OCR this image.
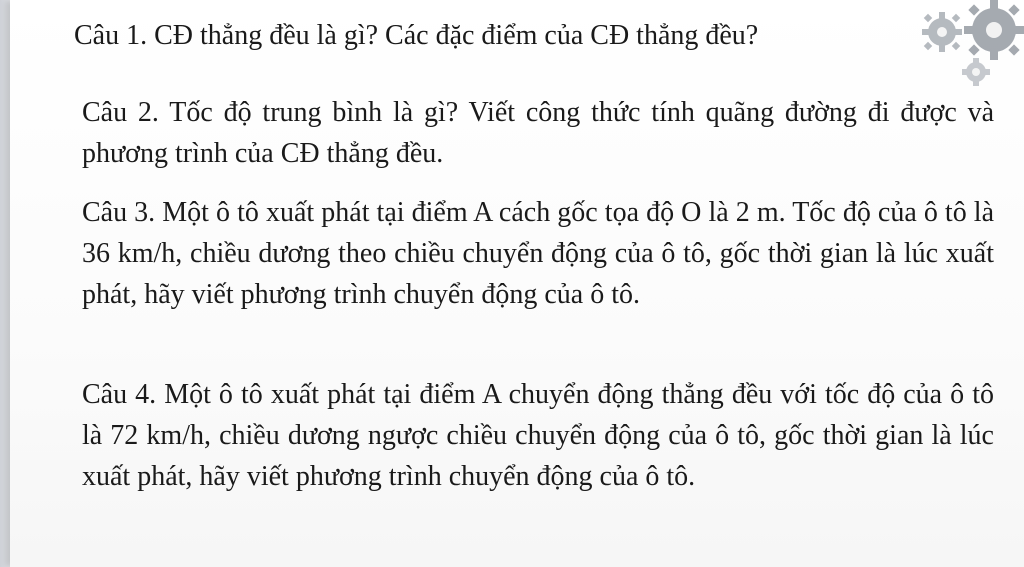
Câu 1. CĐ thẳng đều là gì? Các đặc điểm của CĐ thẳng đều?

Câu 2. Tốc độ trung bình là gì? Viết công thức tính quãng đường đi được và phương trình của CĐ thẳng đều.

Câu 3. Một ô tô xuất phát tại điểm A cách gốc tọa độ O là 2 m. Tốc độ của ô tô là 36 km/h, chiều dương theo chiều chuyển động của ô tô, gốc thời gian là lúc xuất phát, hãy viết phương trình chuyển động của ô tô.

Câu 4. Một ô tô xuất phát tại điểm A chuyển động thẳng đều với tốc độ của ô tô là 72 km/h, chiều dương ngược chiều chuyển động của ô tô, gốc thời gian là lúc xuất phát, hãy viết phương trình chuyển động của ô tô.
